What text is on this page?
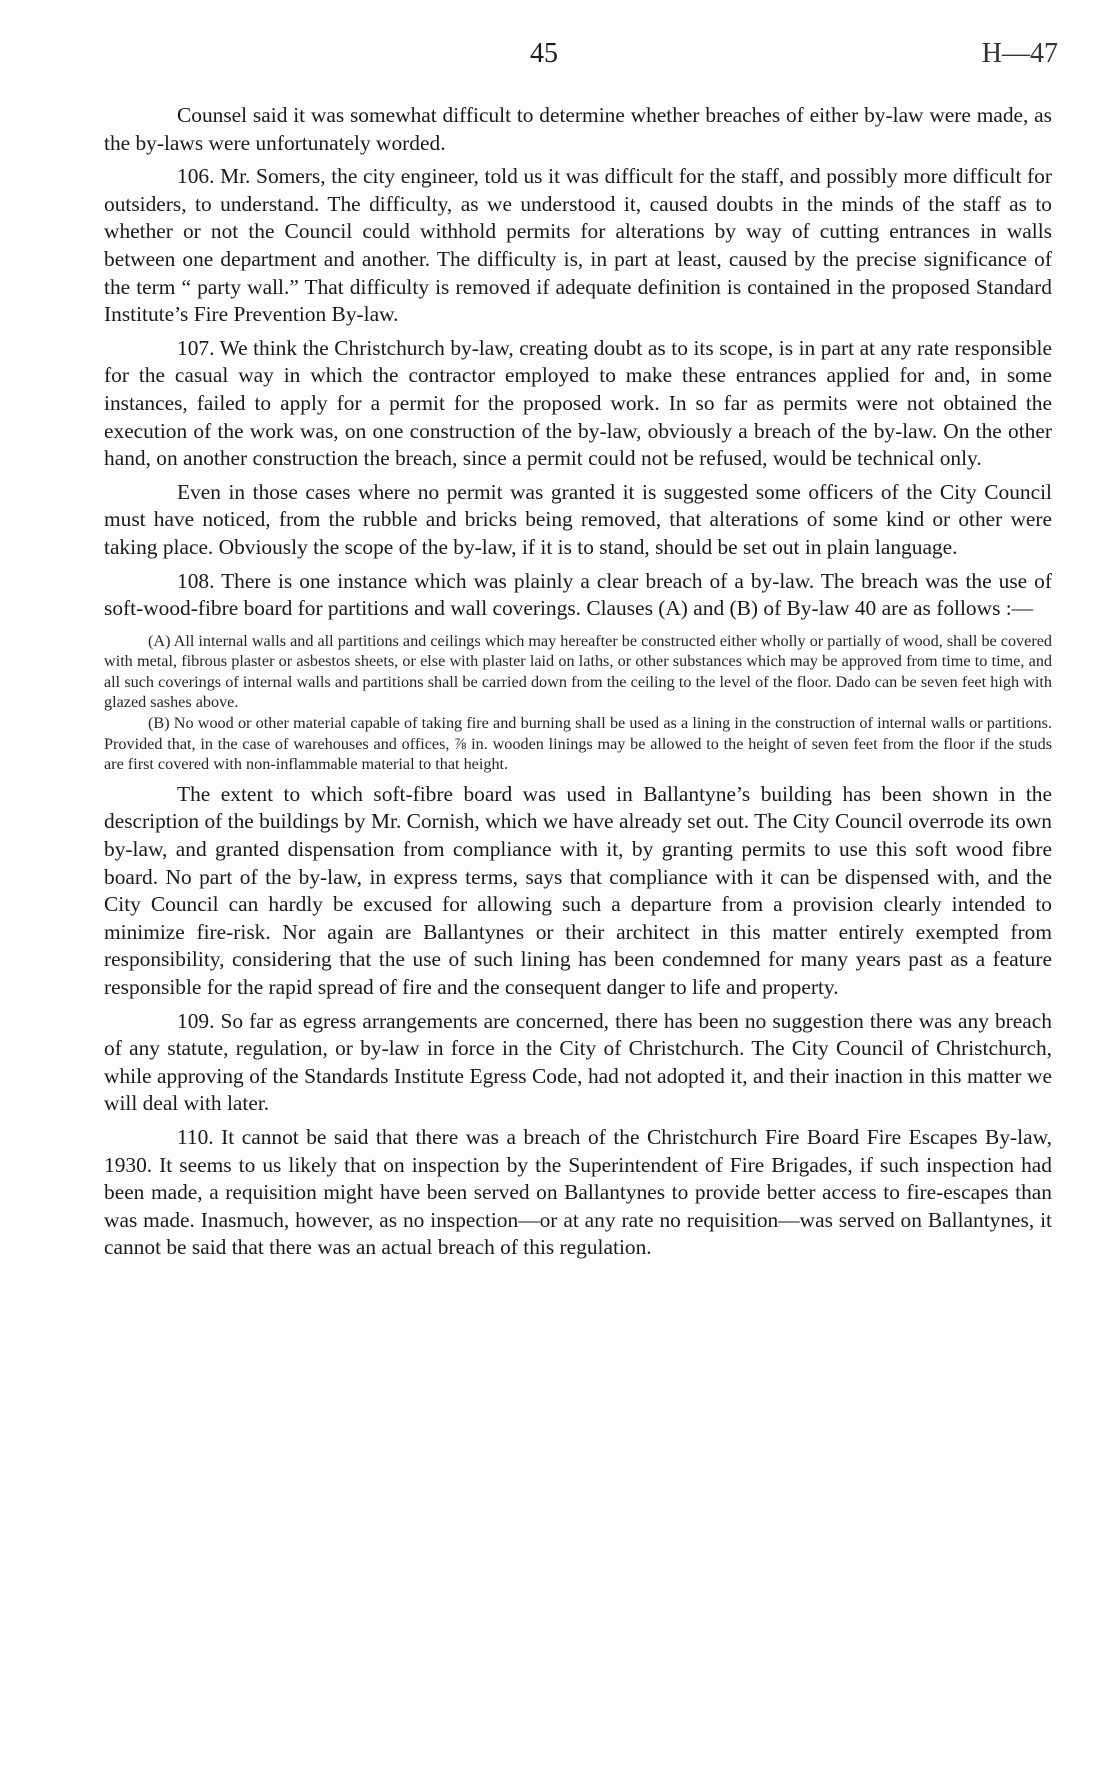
45	H—47

Counsel said it was somewhat difficult to determine whether breaches of either by-law were made, as the by-laws were unfortunately worded.

106. Mr. Somers, the city engineer, told us it was difficult for the staff, and possibly more difficult for outsiders, to understand. The difficulty, as we understood it, caused doubts in the minds of the staff as to whether or not the Council could withhold permits for alterations by way of cutting entrances in walls between one department and another. The difficulty is, in part at least, caused by the precise significance of the term “ party wall.” That difficulty is removed if adequate definition is contained in the proposed Standard Institute’s Fire Prevention By-law.

107. We think the Christchurch by-law, creating doubt as to its scope, is in part at any rate responsible for the casual way in which the contractor employed to make these entrances applied for and, in some instances, failed to apply for a permit for the proposed work. In so far as permits were not obtained the execution of the work was, on one construction of the by-law, obviously a breach of the by-law. On the other hand, on another construction the breach, since a permit could not be refused, would be technical only.

Even in those cases where no permit was granted it is suggested some officers of the City Council must have noticed, from the rubble and bricks being removed, that alterations of some kind or other were taking place. Obviously the scope of the by-law, if it is to stand, should be set out in plain language.

108. There is one instance which was plainly a clear breach of a by-law. The breach was the use of soft-wood-fibre board for partitions and wall coverings. Clauses (A) and (B) of By-law 40 are as follows :—

(A) All internal walls and all partitions and ceilings which may hereafter be constructed either wholly or partially of wood, shall be covered with metal, fibrous plaster or asbestos sheets, or else with plaster laid on laths, or other substances which may be approved from time to time, and all such coverings of internal walls and partitions shall be carried down from the ceiling to the level of the floor. Dado can be seven feet high with glazed sashes above.

(B) No wood or other material capable of taking fire and burning shall be used as a lining in the construction of internal walls or partitions. Provided that, in the case of warehouses and offices, ⅞ in. wooden linings may be allowed to the height of seven feet from the floor if the studs are first covered with non-inflammable material to that height.

The extent to which soft-fibre board was used in Ballantyne’s building has been shown in the description of the buildings by Mr. Cornish, which we have already set out. The City Council overrode its own by-law, and granted dispensation from compliance with it, by granting permits to use this soft wood fibre board. No part of the by-law, in express terms, says that compliance with it can be dispensed with, and the City Council can hardly be excused for allowing such a departure from a provision clearly intended to minimize fire-risk. Nor again are Ballantynes or their architect in this matter entirely exempted from responsibility, considering that the use of such lining has been condemned for many years past as a feature responsible for the rapid spread of fire and the consequent danger to life and property.

109. So far as egress arrangements are concerned, there has been no suggestion there was any breach of any statute, regulation, or by-law in force in the City of Christchurch. The City Council of Christchurch, while approving of the Standards Institute Egress Code, had not adopted it, and their inaction in this matter we will deal with later.

110. It cannot be said that there was a breach of the Christchurch Fire Board Fire Escapes By-law, 1930. It seems to us likely that on inspection by the Superintendent of Fire Brigades, if such inspection had been made, a requisition might have been served on Ballantynes to provide better access to fire-escapes than was made. Inasmuch, however, as no inspection—or at any rate no requisition—was served on Ballantynes, it cannot be said that there was an actual breach of this regulation.
